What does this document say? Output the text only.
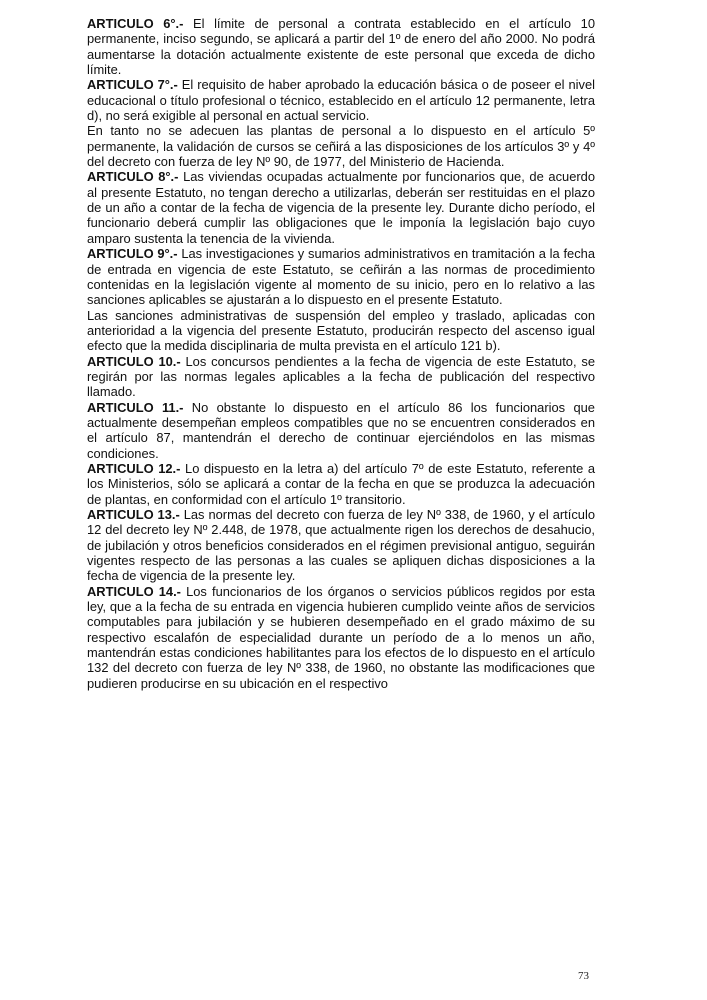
ARTICULO 6°.- El límite de personal a contrata establecido en el artículo 10 permanente, inciso segundo, se aplicará a partir del 1º de enero del año 2000. No podrá aumentarse la dotación actualmente existente de este personal que exceda de dicho límite.

ARTICULO 7°.- El requisito de haber aprobado la educación básica o de poseer el nivel educacional o título profesional o técnico, establecido en el artículo 12 permanente, letra d), no será exigible al personal en actual servicio.

En tanto no se adecuen las plantas de personal a lo dispuesto en el artículo 5º permanente, la validación de cursos se ceñirá a las disposiciones de los artículos 3º y 4º del decreto con fuerza de ley Nº 90, de 1977, del Ministerio de Hacienda.

ARTICULO 8°.- Las viviendas ocupadas actualmente por funcionarios que, de acuerdo al presente Estatuto, no tengan derecho a utilizarlas, deberán ser restituidas en el plazo de un año a contar de la fecha de vigencia de la presente ley. Durante dicho período, el funcionario deberá cumplir las obligaciones que le imponía la legislación bajo cuyo amparo sustenta la tenencia de la vivienda.

ARTICULO 9°.- Las investigaciones y sumarios administrativos en tramitación a la fecha de entrada en vigencia de este Estatuto, se ceñirán a las normas de procedimiento contenidas en la legislación vigente al momento de su inicio, pero en lo relativo a las sanciones aplicables se ajustarán a lo dispuesto en el presente Estatuto.

Las sanciones administrativas de suspensión del empleo y traslado, aplicadas con anterioridad a la vigencia del presente Estatuto, producirán respecto del ascenso igual efecto que la medida disciplinaria de multa prevista en el artículo 121 b).

ARTICULO 10.- Los concursos pendientes a la fecha de vigencia de este Estatuto, se regirán por las normas legales aplicables a la fecha de publicación del respectivo llamado.

ARTICULO 11.- No obstante lo dispuesto en el artículo 86 los funcionarios que actualmente desempeñan empleos compatibles que no se encuentren considerados en el artículo 87, mantendrán el derecho de continuar ejerciéndolos en las mismas condiciones.

ARTICULO 12.- Lo dispuesto en la letra a) del artículo 7º de este Estatuto, referente a los Ministerios, sólo se aplicará a contar de la fecha en que se produzca la adecuación de plantas, en conformidad con el artículo 1º transitorio.

ARTICULO 13.- Las normas del decreto con fuerza de ley Nº 338, de 1960, y el artículo 12 del decreto ley Nº 2.448, de 1978, que actualmente rigen los derechos de desahucio, de jubilación y otros beneficios considerados en el régimen previsional antiguo, seguirán vigentes respecto de las personas a las cuales se apliquen dichas disposiciones a la fecha de vigencia de la presente ley.

ARTICULO 14.- Los funcionarios de los órganos o servicios públicos regidos por esta ley, que a la fecha de su entrada en vigencia hubieren cumplido veinte años de servicios computables para jubilación y se hubieren desempeñado en el grado máximo de su respectivo escalafón de especialidad durante un período de a lo menos un año, mantendrán estas condiciones habilitantes para los efectos de lo dispuesto en el artículo 132 del decreto con fuerza de ley Nº 338, de 1960, no obstante las modificaciones que pudieren producirse en su ubicación en el respectivo

73
